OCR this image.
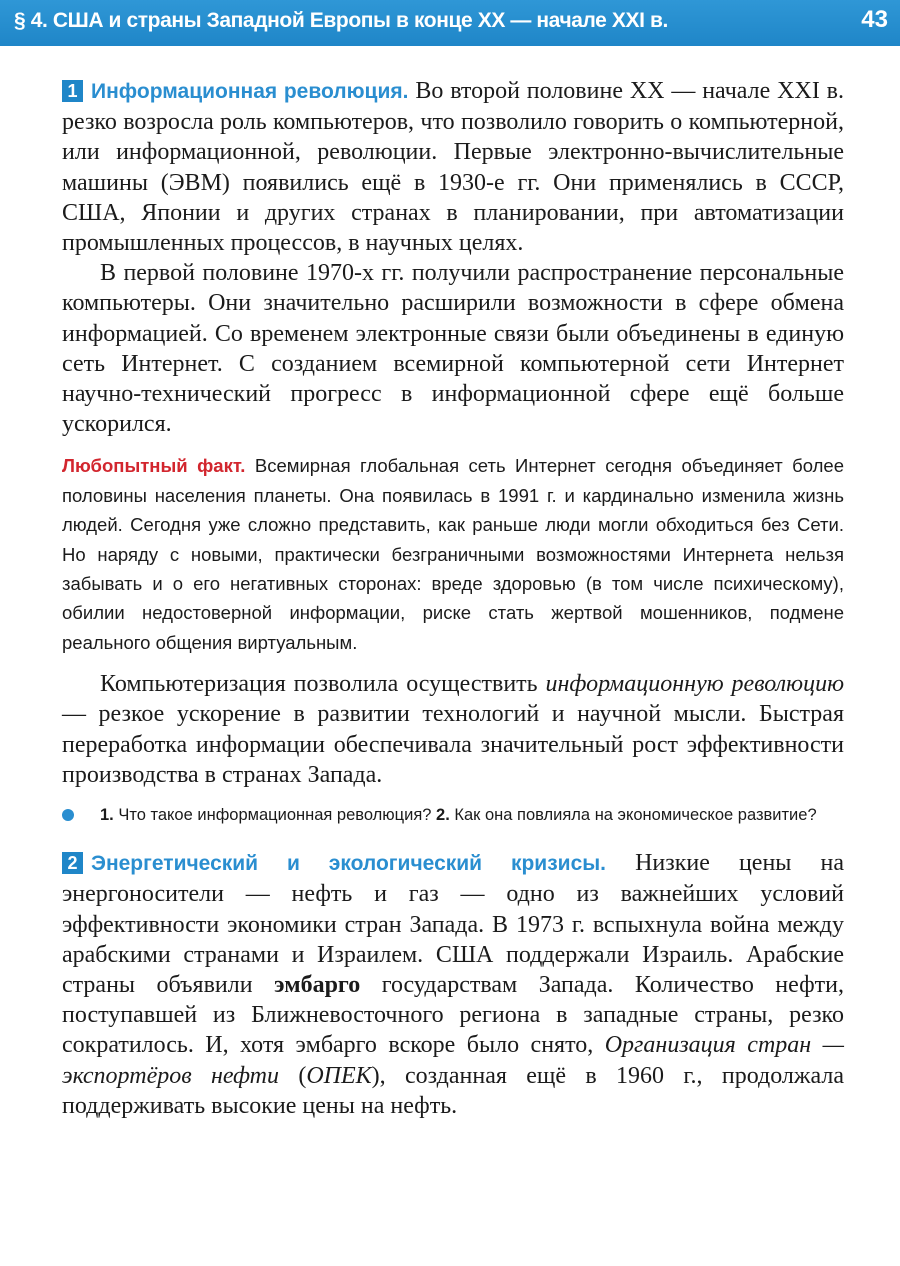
§ 4. США и страны Западной Европы в конце XX — начале XXI в.	43

1 Информационная революция. Во второй половине XX — начале XXI в. резко возросла роль компьютеров, что позволило говорить о компьютерной, или информационной, революции. Первые электронно-вычислительные машины (ЭВМ) появились ещё в 1930-е гг. Они применялись в СССР, США, Японии и других странах в планировании, при автоматизации промышленных процессов, в научных целях.

В первой половине 1970-х гг. получили распространение персональные компьютеры. Они значительно расширили возможности в сфере обмена информацией. Со временем электронные связи были объединены в единую сеть Интернет. С созданием всемирной компьютерной сети Интернет научно-технический прогресс в информационной сфере ещё больше ускорился.

Любопытный факт. Всемирная глобальная сеть Интернет сегодня объединяет более половины населения планеты. Она появилась в 1991 г. и кардинально изменила жизнь людей. Сегодня уже сложно представить, как раньше люди могли обходиться без Сети. Но наряду с новыми, практически безграничными возможностями Интернета нельзя забывать и о его негативных сторонах: вреде здоровью (в том числе психическому), обилии недостоверной информации, риске стать жертвой мошенников, подмене реального общения виртуальным.

Компьютеризация позволила осуществить информационную революцию — резкое ускорение в развитии технологий и научной мысли. Быстрая переработка информации обеспечивала значительный рост эффективности производства в странах Запада.

1. Что такое информационная революция? 2. Как она повлияла на экономическое развитие?

2 Энергетический и экологический кризисы. Низкие цены на энергоносители — нефть и газ — одно из важнейших условий эффективности экономики стран Запада. В 1973 г. вспыхнула война между арабскими странами и Израилем. США поддержали Израиль. Арабские страны объявили эмбарго государствам Запада. Количество нефти, поступавшей из Ближневосточного региона в западные страны, резко сократилось. И, хотя эмбарго вскоре было снято, Организация стран — экспортёров нефти (ОПЕК), созданная ещё в 1960 г., продолжала поддерживать высокие цены на нефть.
